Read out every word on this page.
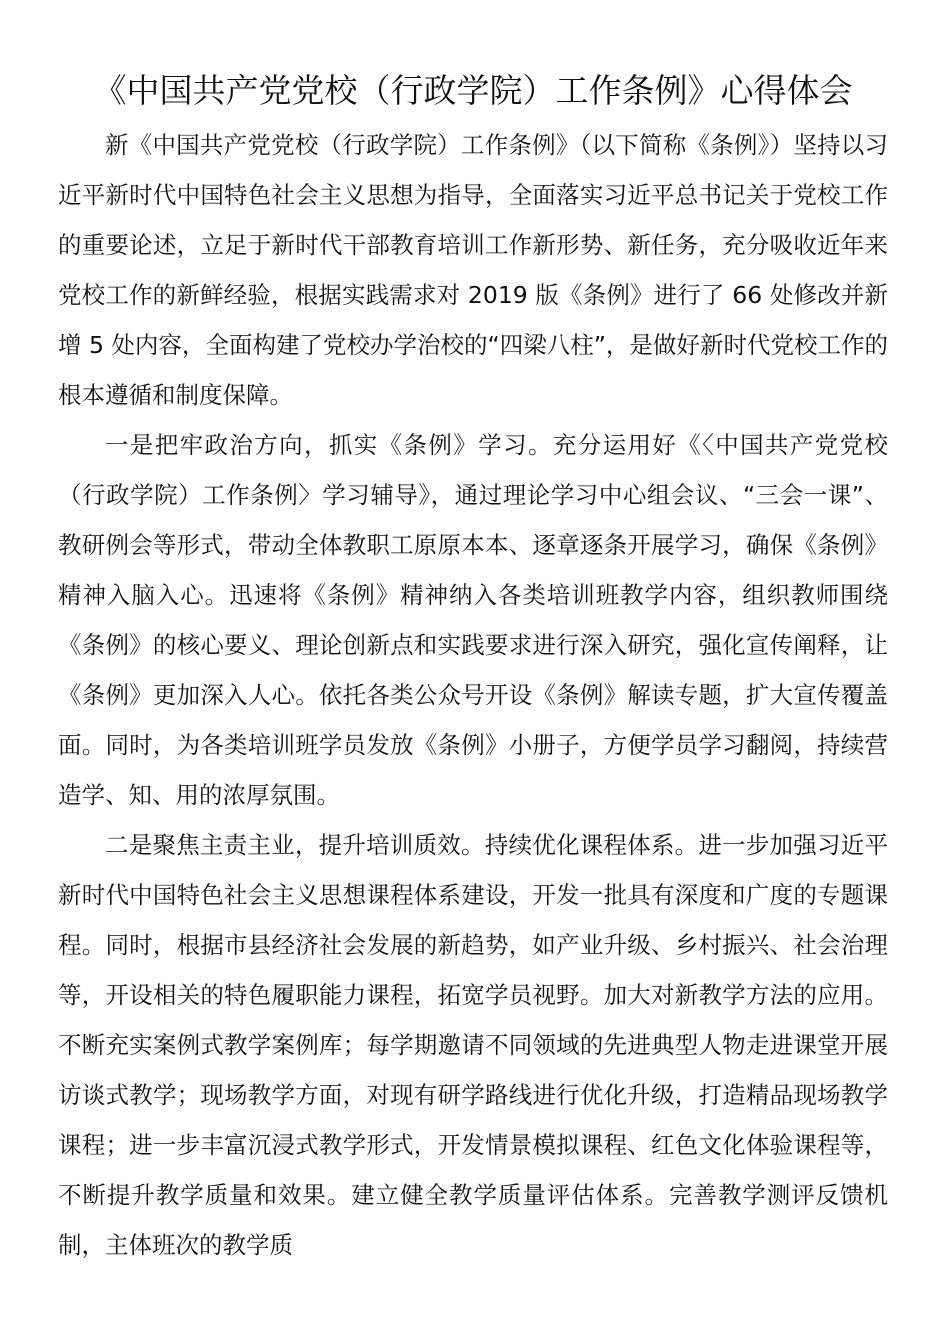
《中国共产党党校（行政学院）工作条例》心得体会

新《中国共产党党校（行政学院）工作条例》（以下简称《条例》）坚持以习近平新时代中国特色社会主义思想为指导，全面落实习近平总书记关于党校工作的重要论述，立足于新时代干部教育培训工作新形势、新任务，充分吸收近年来党校工作的新鲜经验，根据实践需求对 2019 版《条例》进行了 66 处修改并新增 5 处内容，全面构建了党校办学治校的“四梁八柱”，是做好新时代党校工作的根本遵循和制度保障。

一是把牢政治方向，抓实《条例》学习。充分运用好《〈中国共产党党校（行政学院）工作条例〉学习辅导》，通过理论学习中心组会议、“三会一课”、教研例会等形式，带动全体教职工原原本本、逐章逐条开展学习，确保《条例》精神入脑入心。迅速将《条例》精神纳入各类培训班教学内容，组织教师围绕《条例》的核心要义、理论创新点和实践要求进行深入研究，强化宣传阐释，让《条例》更加深入人心。依托各类公众号开设《条例》解读专题，扩大宣传覆盖面。同时，为各类培训班学员发放《条例》小册子，方便学员学习翻阅，持续营造学、知、用的浓厚氛围。

二是聚焦主责主业，提升培训质效。持续优化课程体系。进一步加强习近平新时代中国特色社会主义思想课程体系建设，开发一批具有深度和广度的专题课程。同时，根据市县经济社会发展的新趋势，如产业升级、乡村振兴、社会治理等，开设相关的特色履职能力课程，拓宽学员视野。加大对新教学方法的应用。不断充实案例式教学案例库；每学期邀请不同领域的先进典型人物走进课堂开展访谈式教学；现场教学方面，对现有研学路线进行优化升级，打造精品现场教学课程；进一步丰富沉浸式教学形式，开发情景模拟课程、红色文化体验课程等，不断提升教学质量和效果。建立健全教学质量评估体系。完善教学测评反馈机制，主体班次的教学质
